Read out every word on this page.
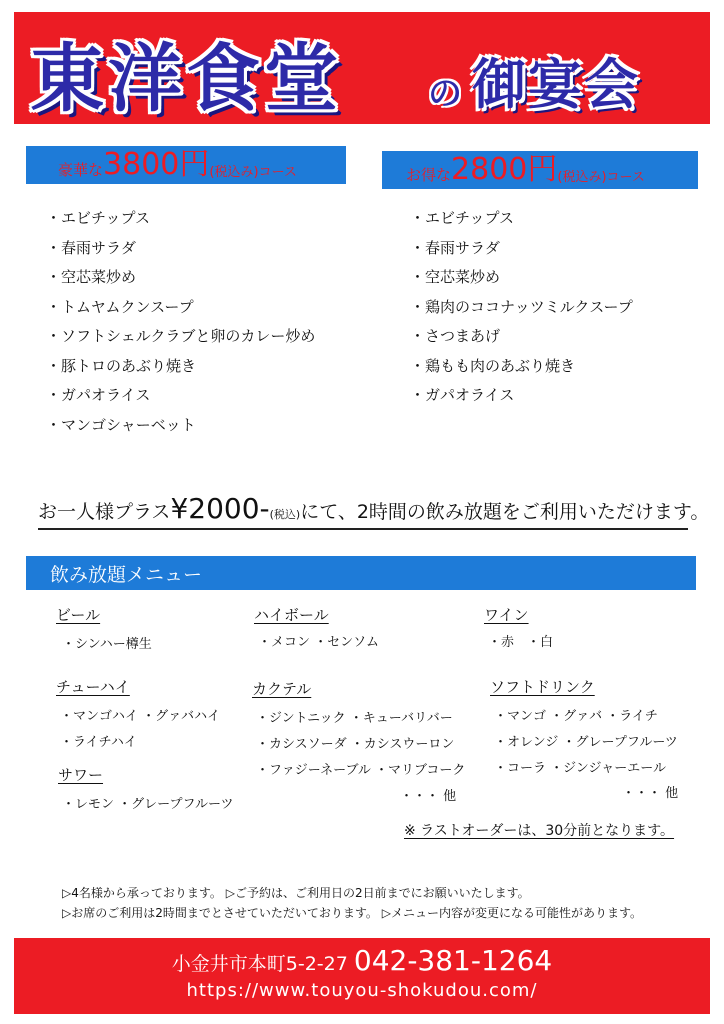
東洋食堂	の 御宴会
豪華な 3800円 (税込み) コース
・エビチップス
・春雨サラダ
・空芯菜炒め
・トムヤムクンスープ
・ソフトシェルクラブと卵のカレー炒め
・豚トロのあぶり焼き
・ガパオライス
・マンゴシャーベット
お得な 2800円 (税込み) コース
・エビチップス
・春雨サラダ
・空芯菜炒め
・鶏肉のココナッツミルクスープ
・さつまあげ
・鶏もも肉のあぶり焼き
・ガパオライス
お一人様プラス¥2000-(税込)にて、2時間の飲み放題をご利用いただけます。
飲み放題メニュー
ビール
・シンハー樽生
ハイボール
・メコン ・センソム
ワイン
・赤　・白
チューハイ
・マンゴハイ ・グァバハイ
・ライチハイ
カクテル
・ジントニック ・キューバリバー
・カシスソーダ ・カシスウーロン
・ファジーネーブル ・マリブコーク
・・・ 他
ソフトドリンク
・マンゴ ・グァバ ・ライチ
・オレンジ ・グレープフルーツ
・コーラ ・ジンジャーエール
・・・ 他
サワー
・レモン ・グレープフルーツ
※ ラストオーダーは、30分前となります。
▷4名様から承っております。 ▷ご予約は、ご利用日の2日前までにお願いいたします。
▷お席のご利用は2時間までとさせていただいております。 ▷メニュー内容が変更になる可能性があります。
小金井市本町5-2-27 042-381-1264
https://www.touyou-shokudou.com/
